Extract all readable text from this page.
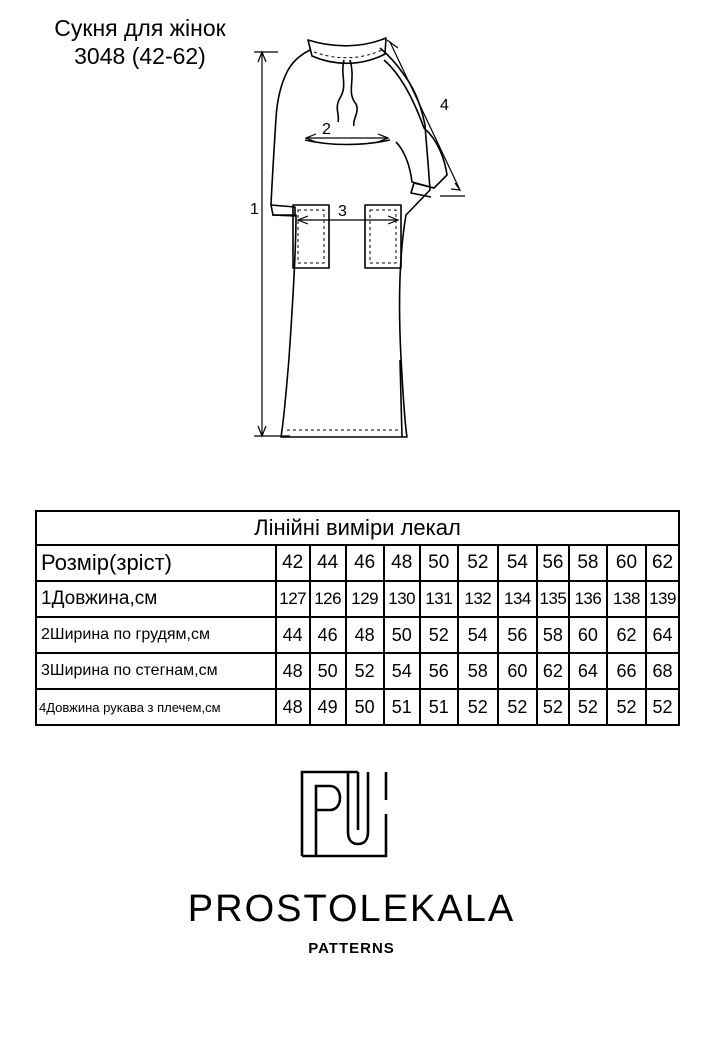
Сукня для жінок
3048 (42-62)
1
2
3
4
Лінійні виміри лекал											
Розмір(зріст)	42	44	46	48	50	52	54	56	58	60	62
1Довжина,см	127	126	129	130	131	132	134	135	136	138	139
2Ширина по грудям,см	44	46	48	50	52	54	56	58	60	62	64
3Ширина по стегнам,см	48	50	52	54	56	58	60	62	64	66	68
4Довжина рукава з плечем,см	48	49	50	51	51	52	52	52	52	52	52
PROSTOLEKALA
PATTERNS
